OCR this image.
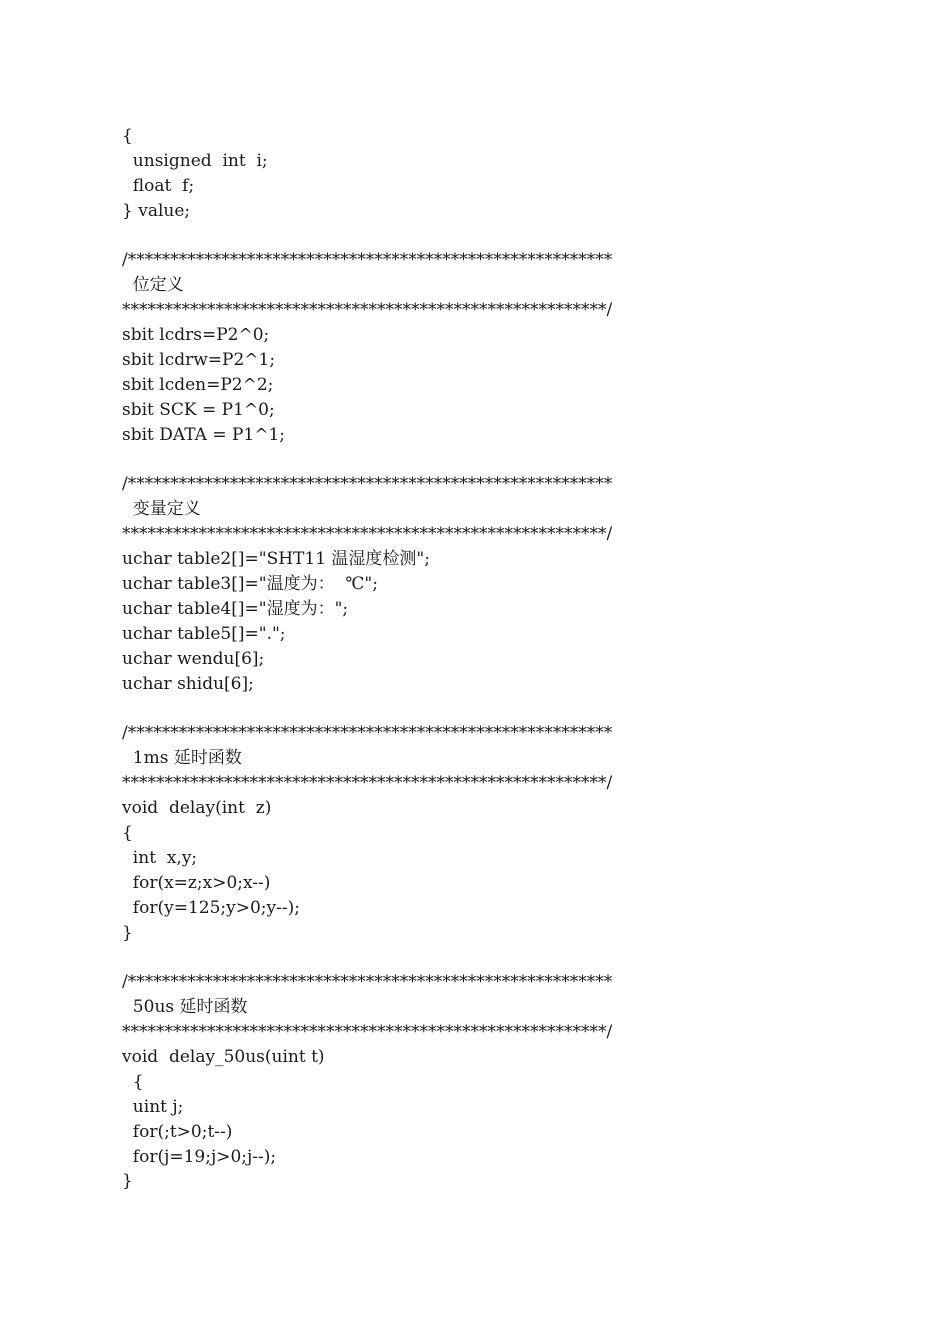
{
unsigned  int  i;
float  f;
} value;
/*********************************************************
位定义
*********************************************************/
sbit lcdrs=P2^0;
sbit lcdrw=P2^1;
sbit lcden=P2^2;
sbit SCK = P1^0;
sbit DATA = P1^1;
/*********************************************************
变量定义
*********************************************************/
uchar table2[]="SHT11 温湿度检测";
uchar table3[]="温度为：  ℃";
uchar table4[]="湿度为：";
uchar table5[]=".";
uchar wendu[6];
uchar shidu[6];
/*********************************************************
1ms 延时函数
*********************************************************/
void  delay(int  z)
{
int  x,y;
for(x=z;x>0;x--)
for(y=125;y>0;y--);
}
/*********************************************************
50us 延时函数
*********************************************************/
void  delay_50us(uint t)
{
uint j;
for(;t>0;t--)
for(j=19;j>0;j--);
}
